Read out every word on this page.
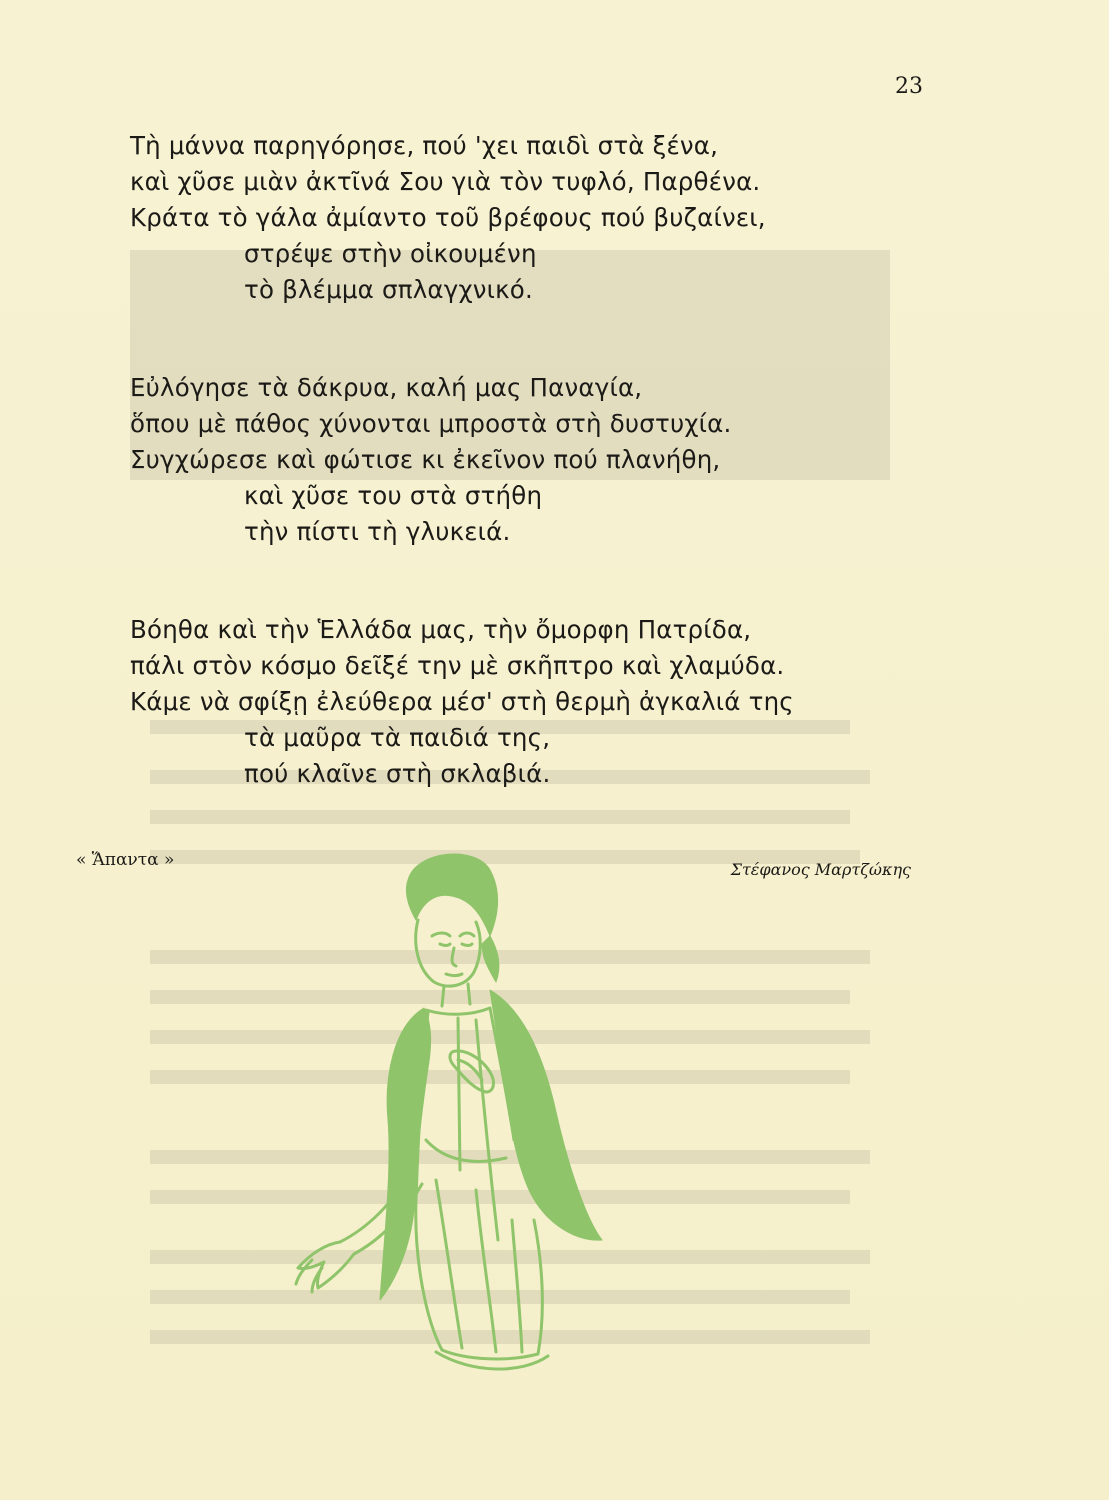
23
Τὴ μάννα παρηγόρησε, πού 'χει παιδὶ στὰ ξένα,
καὶ χῦσε μιὰν ἀκτῖνά Σου γιὰ τὸν τυφλό, Παρθένα.
Κράτα τὸ γάλα ἀμίαντο τοῦ βρέφους πού βυζαίνει,
στρέψε στὴν οἰκουμένη
τὸ βλέμμα σπλαγχνικό.
Εὐλόγησε τὰ δάκρυα, καλή μας Παναγία,
ὅπου μὲ πάθος χύνονται μπροστὰ στὴ δυστυχία.
Συγχώρεσε καὶ φώτισε κι ἐκεῖνον πού πλανήθη,
καὶ χῦσε του στὰ στήθη
τὴν πίστι τὴ γλυκειά.
Βόηθα καὶ τὴν Ἑλλάδα μας, τὴν ὄμορφη Πατρίδα,
πάλι στὸν κόσμο δεῖξέ την μὲ σκῆπτρο καὶ χλαμύδα.
Κάμε νὰ σφίξῃ ἐλεύθερα μέσ' στὴ θερμὴ ἀγκαλιά της
τὰ μαῦρα τὰ παιδιά της,
πού κλαῖνε στὴ σκλαβιά.
« Ἅπαντα »	Στέφανος Μαρτζώκης
